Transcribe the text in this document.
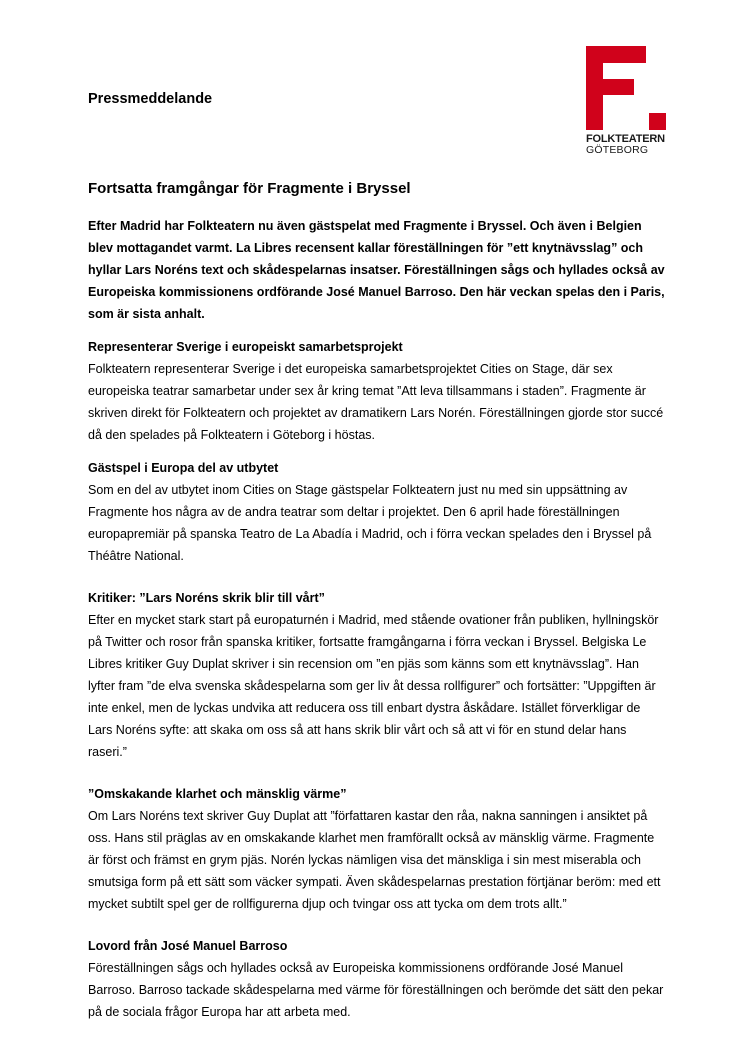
Pressmeddelande

FOLKTEATERN
GÖTEBORG
Fortsatta framgångar för Fragmente i Bryssel

Efter Madrid har Folkteatern nu även gästspelat med Fragmente i Bryssel. Och även i Belgien blev mottagandet varmt. La Libres recensent kallar föreställningen för ”ett knytnävsslag” och hyllar Lars Noréns text och skådespelarnas insatser. Föreställningen sågs och hyllades också av Europeiska kommissionens ordförande José Manuel Barroso. Den här veckan spelas den i Paris, som är sista anhalt.

Representerar Sverige i europeiskt samarbetsprojekt

Folkteatern representerar Sverige i det europeiska samarbetsprojektet Cities on Stage, där sex europeiska teatrar samarbetar under sex år kring temat ”Att leva tillsammans i staden”. Fragmente är skriven direkt för Folkteatern och projektet av dramatikern Lars Norén. Föreställningen gjorde stor succé då den spelades på Folkteatern i Göteborg i höstas.

Gästspel i Europa del av utbytet

Som en del av utbytet inom Cities on Stage gästspelar Folkteatern just nu med sin uppsättning av Fragmente hos några av de andra teatrar som deltar i projektet. Den 6 april hade föreställningen europapremiär på spanska Teatro de La Abadía i Madrid, och i förra veckan spelades den i Bryssel på Théâtre National.

Kritiker: ”Lars Noréns skrik blir till vårt”

Efter en mycket stark start på europaturnén i Madrid, med stående ovationer från publiken, hyllningskör på Twitter och rosor från spanska kritiker, fortsatte framgångarna i förra veckan i Bryssel. Belgiska Le Libres kritiker Guy Duplat skriver i sin recension om ”en pjäs som känns som ett knytnävsslag”. Han lyfter fram ”de elva svenska skådespelarna som ger liv åt dessa rollfigurer” och fortsätter: ”Uppgiften är inte enkel, men de lyckas undvika att reducera oss till enbart dystra åskådare. Istället förverkligar de Lars Noréns syfte: att skaka om oss så att hans skrik blir vårt och så att vi för en stund delar hans raseri.”

”Omskakande klarhet och mänsklig värme”

Om Lars Noréns text skriver Guy Duplat att ”författaren kastar den råa, nakna sanningen i ansiktet på oss. Hans stil präglas av en omskakande klarhet men framförallt också av mänsklig värme. Fragmente är först och främst en grym pjäs. Norén lyckas nämligen visa det mänskliga i sin mest miserabla och smutsiga form på ett sätt som väcker sympati. Även skådespelarnas prestation förtjänar beröm: med ett mycket subtilt spel ger de rollfigurerna djup och tvingar oss att tycka om dem trots allt.”

Lovord från José Manuel Barroso

Föreställningen sågs och hyllades också av Europeiska kommissionens ordförande José Manuel Barroso. Barroso tackade skådespelarna med värme för föreställningen och berömde det sätt den pekar på de sociala frågor Europa har att arbeta med.
